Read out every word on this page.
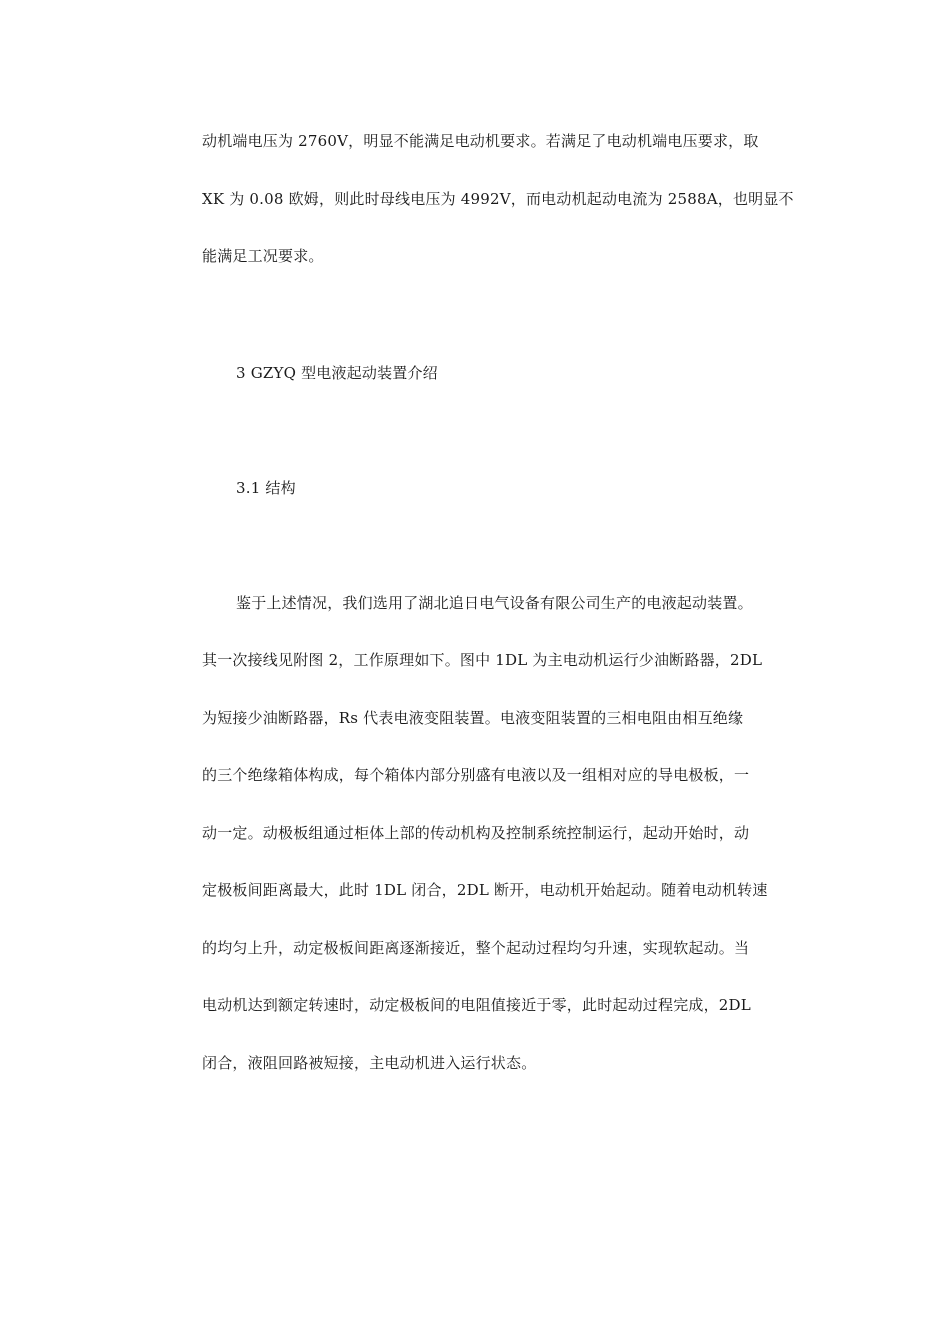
动机端电压为 2760V，明显不能满足电动机要求。若满足了电动机端电压要求，取
XK 为 0.08 欧姆，则此时母线电压为 4992V，而电动机起动电流为 2588A，也明显不
能满足工况要求。
3 GZYQ 型电液起动装置介绍
3.1 结构
鉴于上述情况，我们选用了湖北追日电气设备有限公司生产的电液起动装置。
其一次接线见附图 2，工作原理如下。图中 1DL 为主电动机运行少油断路器，2DL
为短接少油断路器，Rs 代表电液变阻装置。电液变阻装置的三相电阻由相互绝缘
的三个绝缘箱体构成，每个箱体内部分别盛有电液以及一组相对应的导电极板，一
动一定。动极板组通过柜体上部的传动机构及控制系统控制运行，起动开始时，动
定极板间距离最大，此时 1DL 闭合，2DL 断开，电动机开始起动。随着电动机转速
的均匀上升，动定极板间距离逐渐接近，整个起动过程均匀升速，实现软起动。当
电动机达到额定转速时，动定极板间的电阻值接近于零，此时起动过程完成，2DL
闭合，液阻回路被短接，主电动机进入运行状态。
